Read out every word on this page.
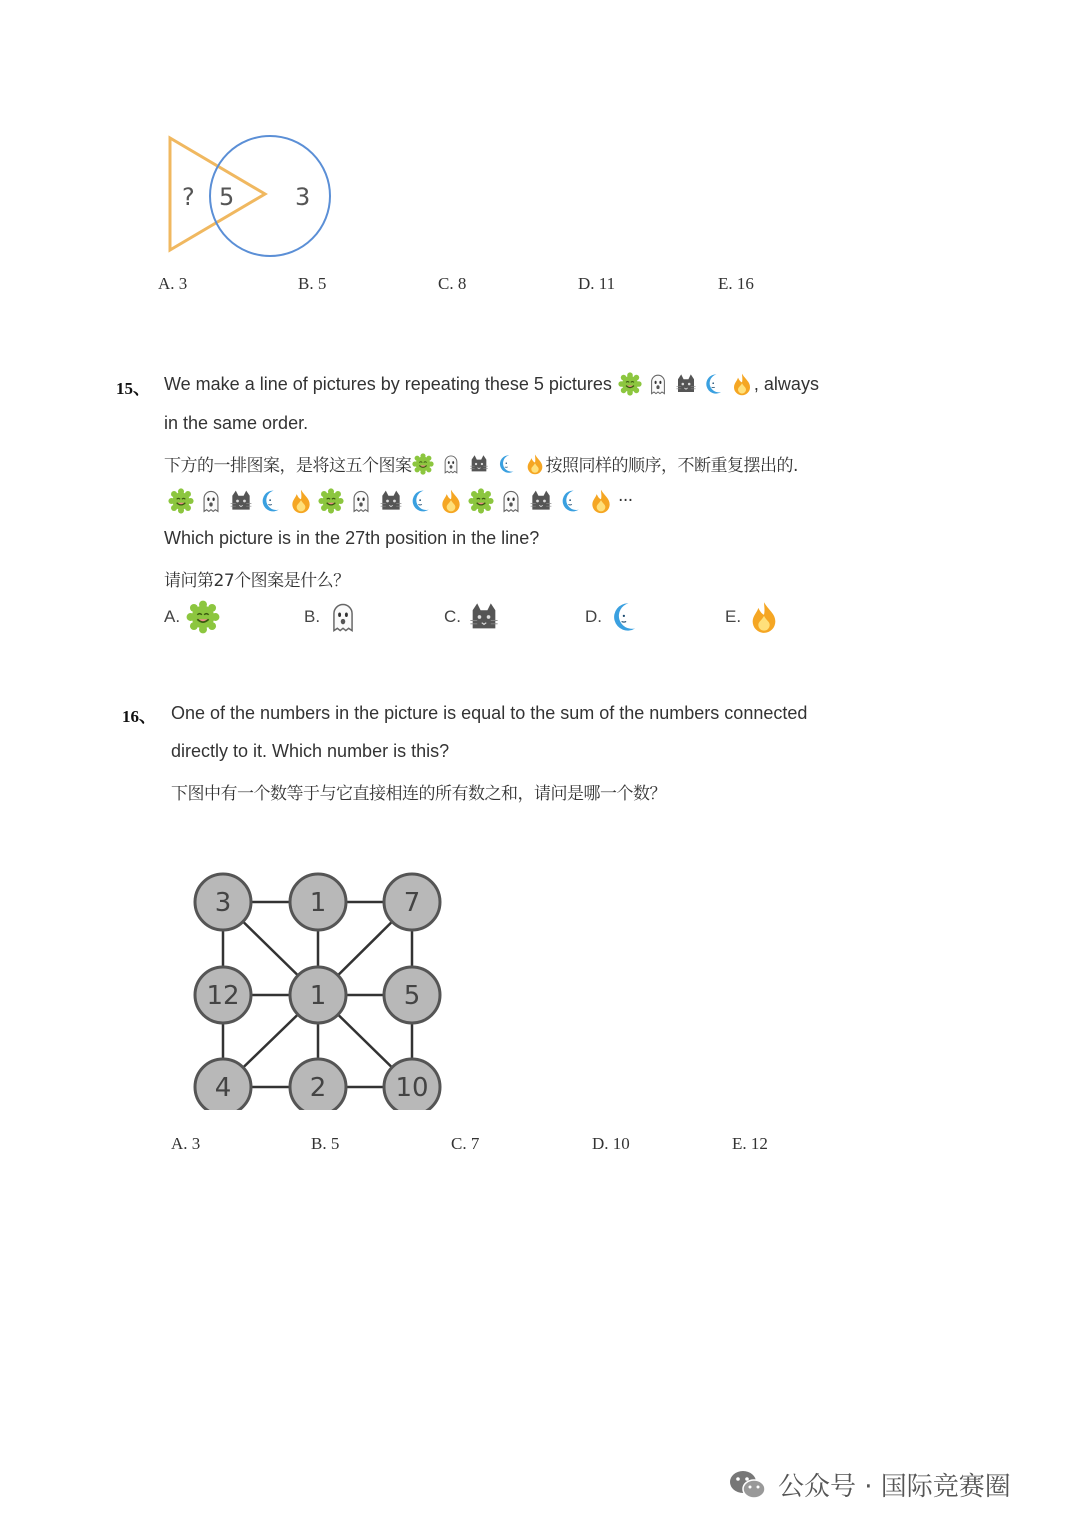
? 5	3
A. 3	B. 5	C. 8	D. 11	E. 16
15、 We make a line of pictures by repeating these 5 pictures	, always
in the same order.
下方的一排图案，是将这五个图案	按照同样的顺序，不断重复摆出的.
···
Which picture is in the 27th position in the line?
请问第27个图案是什么？
A.	B.	C.	D.	E.
16、 One of the numbers in the picture is equal to the sum of the numbers connected
directly to it. Which number is this?
下图中有一个数等于与它直接相连的所有数之和，请问是哪一个数？
3	1	7
12	1	5
4	2	10
A. 3	B. 5	C. 7	D. 10	E. 12
公众号 · 国际竞赛圈
